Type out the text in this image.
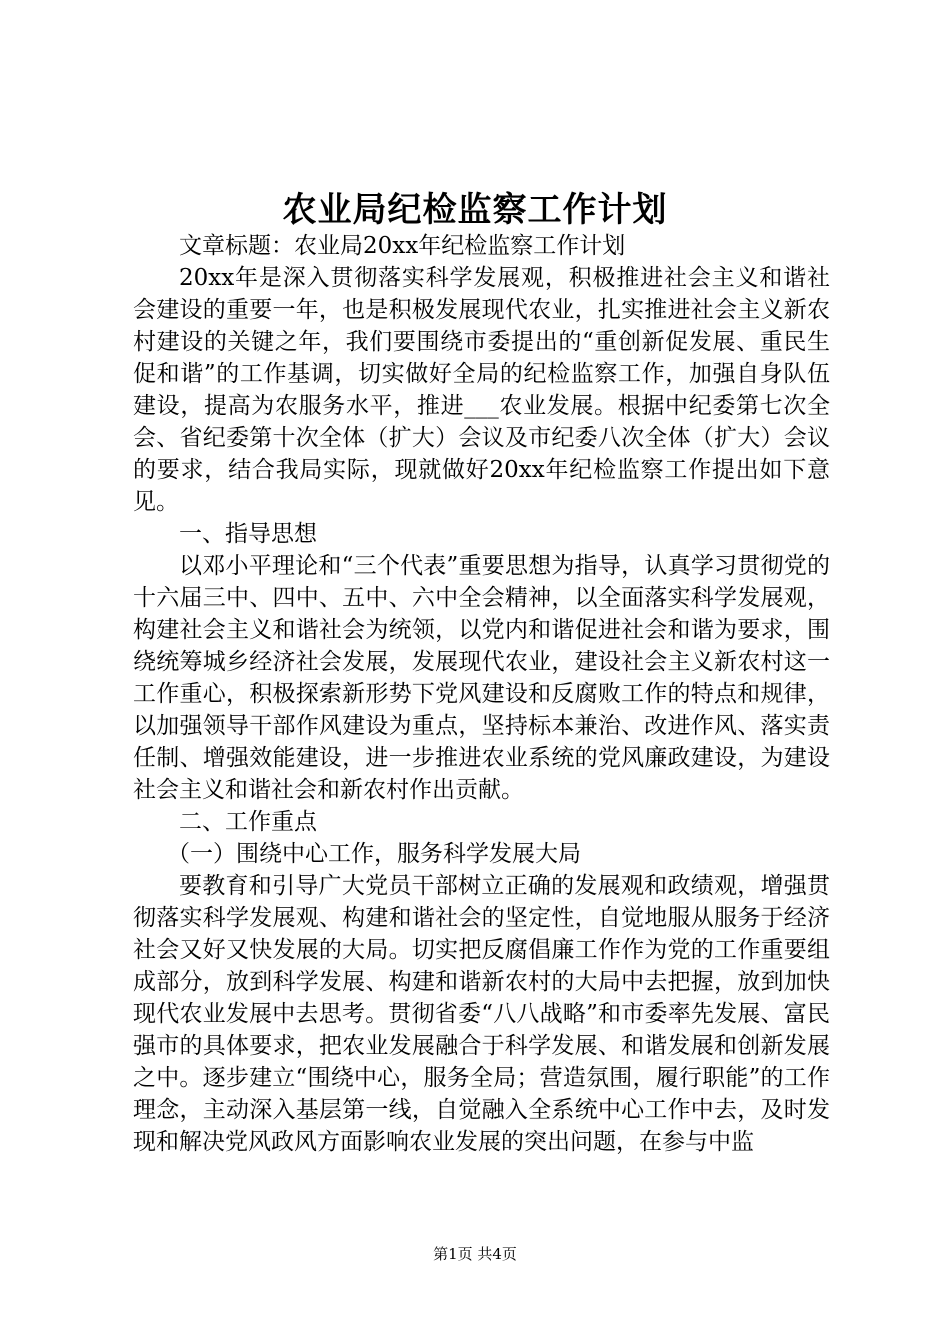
农业局纪检监察工作计划

文章标题：农业局20xx年纪检监察工作计划

20xx年是深入贯彻落实科学发展观，积极推进社会主义和谐社会建设的重要一年，也是积极发展现代农业，扎实推进社会主义新农村建设的关键之年，我们要围绕市委提出的“重创新促发展、重民生促和谐”的工作基调，切实做好全局的纪检监察工作，加强自身队伍建设，提高为农服务水平，推进___农业发展。根据中纪委第七次全会、省纪委第十次全体（扩大）会议及市纪委八次全体（扩大）会议的要求，结合我局实际，现就做好20xx年纪检监察工作提出如下意见。

一、指导思想

以邓小平理论和“三个代表”重要思想为指导，认真学习贯彻党的十六届三中、四中、五中、六中全会精神，以全面落实科学发展观，构建社会主义和谐社会为统领，以党内和谐促进社会和谐为要求，围绕统筹城乡经济社会发展，发展现代农业，建设社会主义新农村这一工作重心，积极探索新形势下党风建设和反腐败工作的特点和规律，以加强领导干部作风建设为重点，坚持标本兼治、改进作风、落实责任制、增强效能建设，进一步推进农业系统的党风廉政建设，为建设社会主义和谐社会和新农村作出贡献。

二、工作重点

（一）围绕中心工作，服务科学发展大局

要教育和引导广大党员干部树立正确的发展观和政绩观，增强贯彻落实科学发展观、构建和谐社会的坚定性，自觉地服从服务于经济社会又好又快发展的大局。切实把反腐倡廉工作作为党的工作重要组成部分，放到科学发展、构建和谐新农村的大局中去把握，放到加快现代农业发展中去思考。贯彻省委“八八战略”和市委率先发展、富民强市的具体要求，把农业发展融合于科学发展、和谐发展和创新发展之中。逐步建立“围绕中心，服务全局；营造氛围，履行职能”的工作理念，主动深入基层第一线，自觉融入全系统中心工作中去，及时发现和解决党风政风方面影响农业发展的突出问题，在参与中监

第1页 共4页
